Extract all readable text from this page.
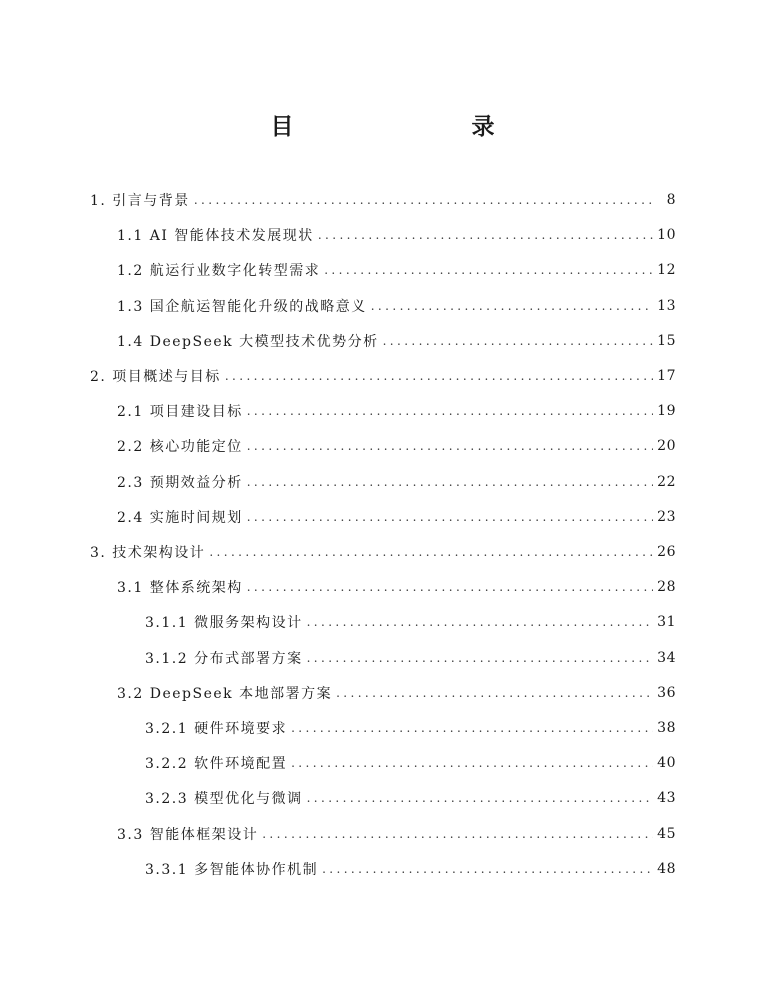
目　　录
1. 引言与背景 .....	8
1.1 AI 智能体技术发展现状 .....	10
1.2 航运行业数字化转型需求 .....	12
1.3 国企航运智能化升级的战略意义 .....	13
1.4 DeepSeek 大模型技术优势分析 .....	15
2. 项目概述与目标 .....	17
2.1 项目建设目标 .....	19
2.2 核心功能定位 .....	20
2.3 预期效益分析 .....	22
2.4 实施时间规划 .....	23
3. 技术架构设计 .....	26
3.1 整体系统架构 .....	28
3.1.1 微服务架构设计 .....	31
3.1.2 分布式部署方案 .....	34
3.2 DeepSeek 本地部署方案 .....	36
3.2.1 硬件环境要求 .....	38
3.2.2 软件环境配置 .....	40
3.2.3 模型优化与微调 .....	43
3.3 智能体框架设计 .....	45
3.3.1 多智能体协作机制 .....	48
